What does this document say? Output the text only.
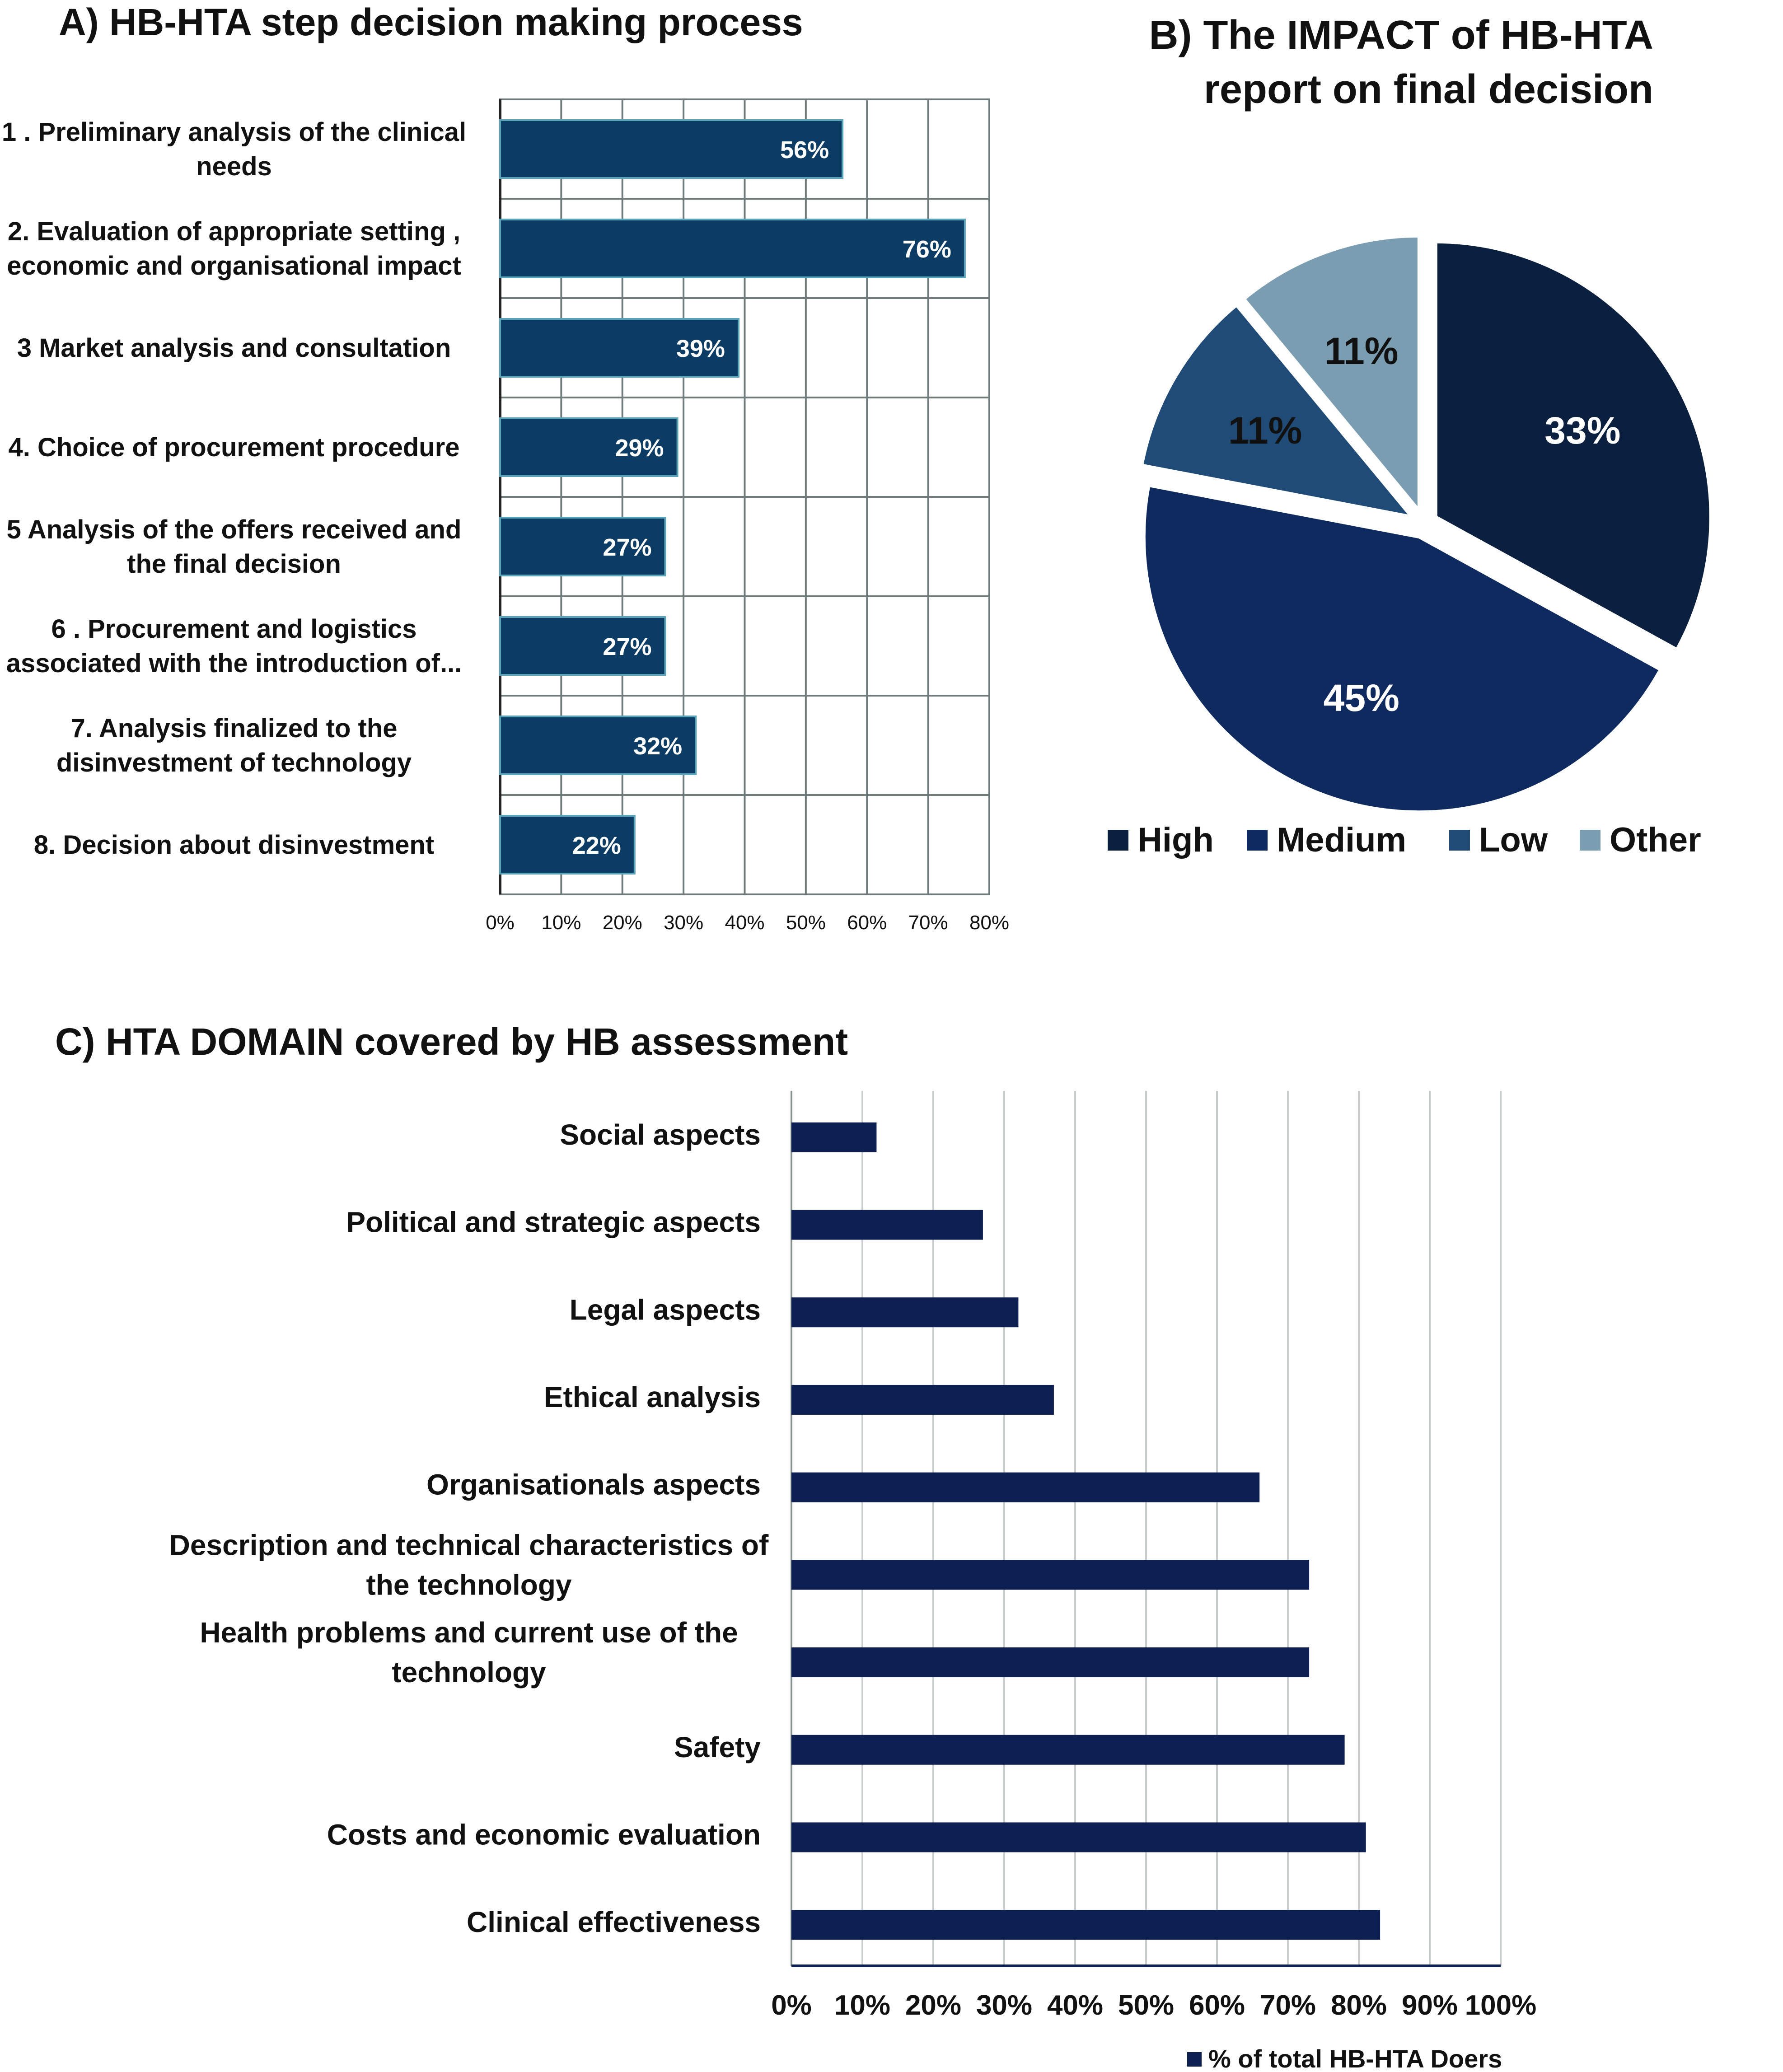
A) HB-HTA step decision making process
56%
1 . Preliminary analysis of the clinical
needs
76%
2. Evaluation of appropriate setting ,
economic and organisational impact
39%
3 Market analysis and consultation
29%
4. Choice of procurement procedure
27%
5 Analysis of the offers received and
the final decision
27%
6 . Procurement and logistics
associated with the introduction of...
32%
7. Analysis finalized to the
disinvestment of technology
22%
8. Decision about disinvestment
0% 10% 20% 30% 40% 50% 60% 70% 80%
B) The IMPACT of HB-HTA
report on final decision
33%
45%
11%
11%
High Medium Low Other
C) HTA DOMAIN covered by HB assessment
Social aspects
Political and strategic aspects
Legal aspects
Ethical analysis
Organisationals aspects
Description and technical characteristics of
the technology
Health problems and current use of the
technology
Safety
Costs and economic evaluation
Clinical effectiveness
0% 10% 20% 30% 40% 50% 60% 70% 80% 90% 100%
% of total HB-HTA Doers
